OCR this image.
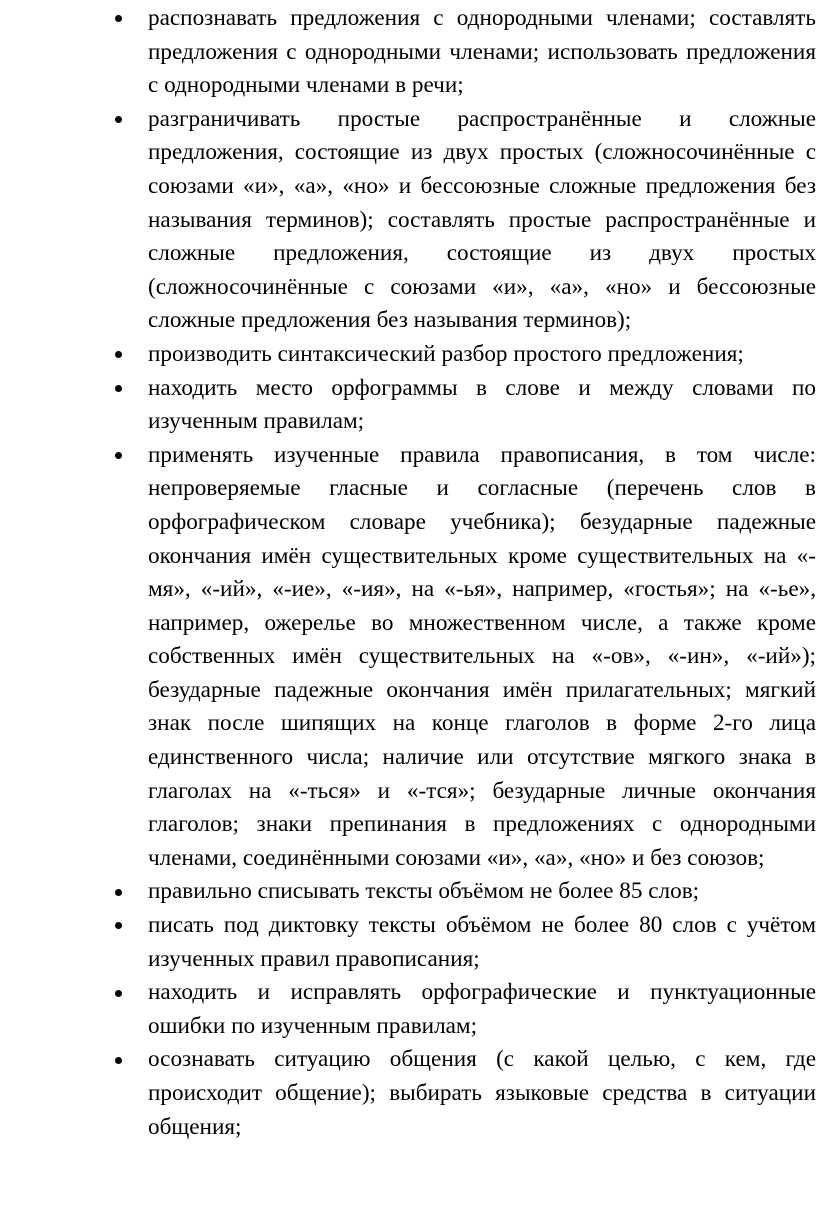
распознавать предложения с однородными членами; составлять предложения с однородными членами; использовать предложения с однородными членами в речи;
разграничивать простые распространённые и сложные предложения, состоящие из двух простых (сложносочинённые с союзами «и», «а», «но» и бессоюзные сложные предложения без называния терминов); составлять простые распространённые и сложные предложения, состоящие из двух простых (сложносочинённые с союзами «и», «а», «но» и бессоюзные сложные предложения без называния терминов);
производить синтаксический разбор простого предложения;
находить место орфограммы в слове и между словами по изученным правилам;
применять изученные правила правописания, в том числе: непроверяемые гласные и согласные (перечень слов в орфографическом словаре учебника); безударные падежные окончания имён существительных кроме существительных на «-мя», «-ий», «-ие», «-ия», на «-ья», например, «гостья»; на «-ье», например, ожерелье во множественном числе, а также кроме собственных имён существительных на «-ов», «-ин», «-ий»); безударные падежные окончания имён прилагательных; мягкий знак после шипящих на конце глаголов в форме 2-го лица единственного числа; наличие или отсутствие мягкого знака в глаголах на «-ться» и «-тся»; безударные личные окончания глаголов; знаки препинания в предложениях с однородными членами, соединёнными союзами «и», «а», «но» и без союзов;
правильно списывать тексты объёмом не более 85 слов;
писать под диктовку тексты объёмом не более 80 слов с учётом изученных правил правописания;
находить и исправлять орфографические и пунктуационные ошибки по изученным правилам;
осознавать ситуацию общения (с какой целью, с кем, где происходит общение); выбирать языковые средства в ситуации общения;
